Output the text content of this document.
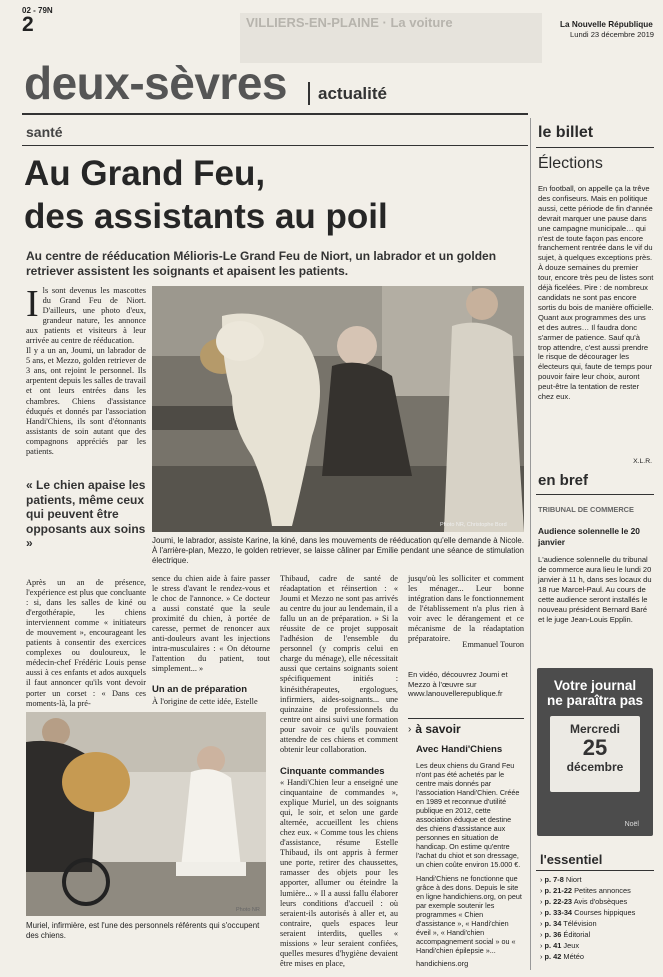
02 - 79N
2	VILLIERS-EN-PLAINE · La voiture	La Nouvelle République
Lundi 23 décembre 2019
deux-sèvres actualité
santé
Au Grand Feu,
des assistants au poil
Au centre de rééducation Mélioris-Le Grand Feu de Niort, un labrador et un golden retriever assistent les soignants et apaisent les patients.
I ls sont devenus les mascottes du Grand Feu de Niort. D'ailleurs, une photo d'eux, grandeur nature, les annonce aux patients et visiteurs à leur arrivée au centre de rééducation.

Il y a un an, Joumi, un labrador de 5 ans, et Mezzo, golden retriever de 3 ans, ont rejoint le personnel. Ils arpentent depuis les salles de travail et ont leurs entrées dans les chambres. Chiens d'assistance éduqués et donnés par l'association Handi'Chiens, ils sont d'étonnants assistants de soin autant que des compagnons appréciés par les patients.

« Le chien apaise les patients, même ceux qui peuvent être opposants aux soins »
Après un an de présence, l'expérience est plus que concluante : si, dans les salles de kiné ou d'ergothérapie, les chiens interviennent comme « initiateurs de mouvement », encourageant les patients à consentir des exercices complexes ou douloureux, le médecin-chef Frédéric Louis pense aussi à ces enfants et ados auxquels il faut annoncer qu'ils vont devoir porter un corset : « Dans ces moments-là, la pré-
Joumi, le labrador, assiste Karine, la kiné, dans les mouvements de rééducation qu'elle demande à Nicole. À l'arrière-plan, Mezzo, le golden retriever, se laisse câliner par Emilie pendant une séance de stimulation électrique.
sence du chien aide à faire passer le stress d'avant le rendez-vous et le choc de l'annonce. » Ce docteur a aussi constaté que la seule proximité du chien, à portée de caresse, permet de renoncer aux anti-douleurs avant les injections intra-musculaires : « On détourne l'attention du patient, tout simplement... »
Un an de préparation
À l'origine de cette idée, Estelle
Thibaud, cadre de santé de réadaptation et réinsertion : « Joumi et Mezzo ne sont pas arrivés au centre du jour au lendemain, il a fallu un an de préparation. » Si la réussite de ce projet supposait l'adhésion de l'ensemble du personnel (y compris celui en charge du ménage), elle nécessitait aussi que certains soignants soient spécifiquement initiés : kinésithérapeutes, ergologues, infirmiers, aides-soignants... une quinzaine de professionnels du centre ont ainsi suivi une formation pour savoir ce qu'ils pouvaient attendre de ces chiens et comment obtenir leur collaboration.
Cinquante commandes
« Handi'Chien leur a enseigné une cinquantaine de commandes », explique Muriel, un des soignants qui, le soir, et selon une garde alternée, accueillent les chiens chez eux. « Comme tous les chiens d'assistance, résume Estelle Thibaud, ils ont appris à fermer une porte, retirer des chaussettes, ramasser des objets pour les apporter, allumer ou éteindre la lumière... » Il a aussi fallu élaborer leurs conditions d'accueil : où seraient-ils autorisés à aller et, au contraire, quels espaces leur seraient interdits, quelles « missions » leur seraient confiées, quelles mesures d'hygiène devaient être mises en place,
jusqu'où les solliciter et comment les ménager... Leur bonne intégration dans le fonctionnement de l'établissement n'a plus rien à voir avec le dérangement et ce mécanisme de la réadaptation préparatoire.
Emmanuel Touron
En vidéo, découvrez Joumi et Mezzo à l'œuvre sur www.lanouvellerepublique.fr
Muriel, infirmière, est l'une des personnels référents qui s'occupent des chiens.
› à savoir
Avec Handi'Chiens
Les deux chiens du Grand Feu n'ont pas été achetés par le centre mais donnés par l'association Handi'Chien. Créée en 1989 et reconnue d'utilité publique en 2012, cette association éduque et destine des chiens d'assistance aux personnes en situation de handicap. On estime qu'entre l'achat du chiot et son dressage, un chien coûte environ 15.000 €.
Handi'Chiens ne fonctionne que grâce à des dons. Depuis le site en ligne handichiens.org, on peut par exemple soutenir les programmes « Chien d'assistance », « Handi'chien éveil », « Handi'chien accompagnement social » ou « Handi'chien épilepsie »...
handichiens.org
le billet
Élections
En football, on appelle ça la trêve des confiseurs. Mais en politique aussi, cette période de fin d'année devrait marquer une pause dans une campagne municipale… qui n'est de toute façon pas encore franchement rentrée dans le vif du sujet, à quelques exceptions près. À douze semaines du premier tour, encore très peu de listes sont déjà ficelées. Pire : de nombreux candidats ne sont pas encore sortis du bois de manière officielle. Quant aux programmes des uns et des autres… Il faudra donc s'armer de patience. Sauf qu'à trop attendre, c'est aussi prendre le risque de décourager les électeurs qui, faute de temps pour pouvoir faire leur choix, auront peut-être la tentation de rester chez eux.
X.L.R.
en bref
TRIBUNAL DE COMMERCE
Audience solennelle le 20 janvier
L'audience solennelle du tribunal de commerce aura lieu le lundi 20 janvier à 11 h, dans ses locaux du 18 rue Marcel-Paul. Au cours de cette audience seront installés le nouveau président Bernard Baré et le juge Jean-Louis Epplin.
Votre journal
ne paraîtra pas
Mercredi
25
décembre
Noël
l'essentiel
› p. 7-8 Niort
› p. 21-22 Petites annonces
› p. 22-23 Avis d'obsèques
› p. 33-34 Courses hippiques
› p. 34 Télévision
› p. 36 Éditorial
› p. 41 Jeux
› p. 42 Météo
Photo NR, Christophe Bord
Photo NR
